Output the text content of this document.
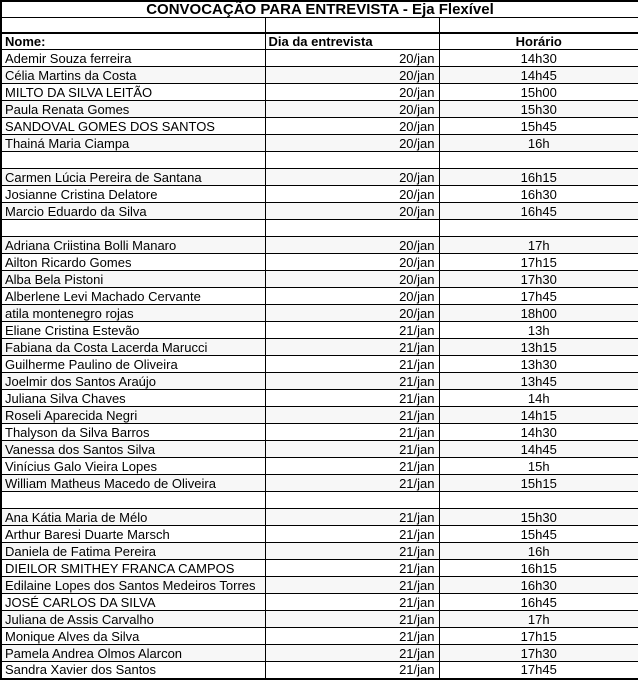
CONVOCAÇÃO PARA ENTREVISTA - Eja Flexível		

Nome:	Dia da entrevista	Horário
Ademir Souza ferreira	20/jan	14h30
Célia Martins da Costa	20/jan	14h45
MILTO DA SILVA LEITÃO	20/jan	15h00
Paula Renata Gomes	20/jan	15h30
SANDOVAL GOMES DOS SANTOS	20/jan	15h45
Thainá Maria Ciampa	20/jan	16h

Carmen Lúcia Pereira de Santana	20/jan	16h15
Josianne Cristina Delatore	20/jan	16h30
Marcio Eduardo da Silva	20/jan	16h45

Adriana Criistina Bolli Manaro	20/jan	17h
Ailton Ricardo Gomes	20/jan	17h15
Alba Bela Pistoni	20/jan	17h30
Alberlene Levi Machado Cervante	20/jan	17h45
atila montenegro rojas	20/jan	18h00
Eliane Cristina Estevão	21/jan	13h
Fabiana da Costa Lacerda Marucci	21/jan	13h15
Guilherme Paulino de Oliveira	21/jan	13h30
Joelmir dos Santos Araújo	21/jan	13h45
Juliana Silva Chaves	21/jan	14h
Roseli Aparecida Negri	21/jan	14h15
Thalyson da Silva Barros	21/jan	14h30
Vanessa dos Santos Silva	21/jan	14h45
Vinícius Galo Vieira Lopes	21/jan	15h
William Matheus Macedo de Oliveira	21/jan	15h15

Ana Kátia Maria de Mélo	21/jan	15h30
Arthur Baresi Duarte Marsch	21/jan	15h45
Daniela de Fatima Pereira	21/jan	16h
DIEILOR SMITHEY FRANCA CAMPOS	21/jan	16h15
Edilaine Lopes dos Santos Medeiros Torres	21/jan	16h30
JOSÉ CARLOS DA SILVA	21/jan	16h45
Juliana de Assis Carvalho	21/jan	17h
Monique Alves da Silva	21/jan	17h15
Pamela Andrea Olmos Alarcon	21/jan	17h30
Sandra Xavier dos Santos	21/jan	17h45
